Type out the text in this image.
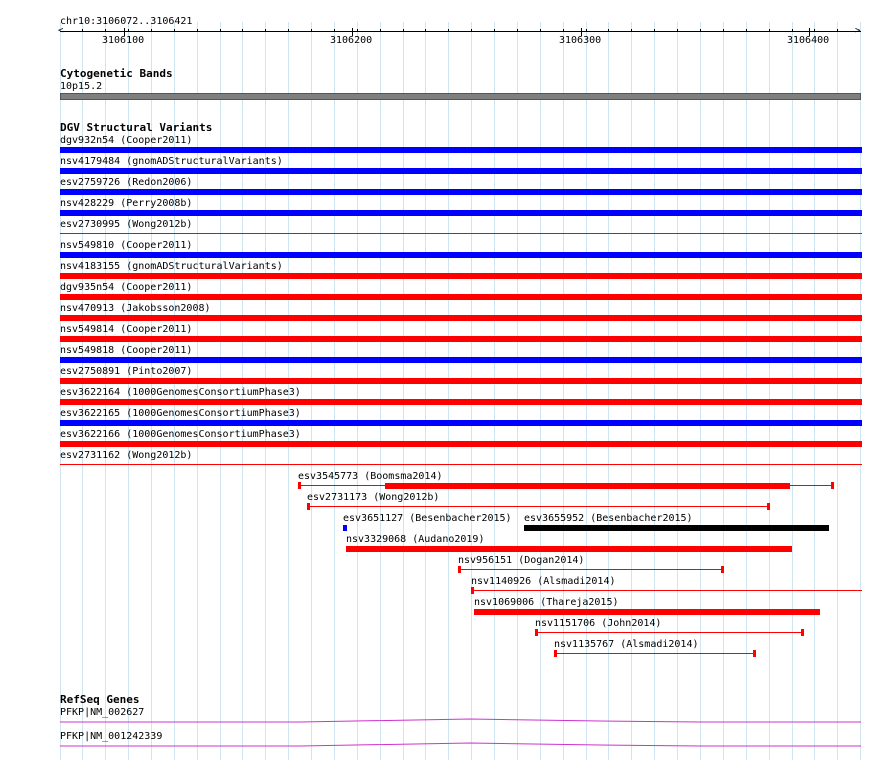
chr10:3106072..3106421
<	>
3106100	3106200	3106300	3106400
Cytogenetic Bands
10p15.2
DGV Structural Variants
dgv932n54 (Cooper2011)
nsv4179484 (gnomADStructuralVariants)
esv2759726 (Redon2006)
nsv428229 (Perry2008b)
esv2730995 (Wong2012b)
nsv549810 (Cooper2011)
nsv4183155 (gnomADStructuralVariants)
dgv935n54 (Cooper2011)
nsv470913 (Jakobsson2008)
nsv549814 (Cooper2011)
nsv549818 (Cooper2011)
esv2750891 (Pinto2007)
esv3622164 (1000GenomesConsortiumPhase3)
esv3622165 (1000GenomesConsortiumPhase3)
esv3622166 (1000GenomesConsortiumPhase3)
esv2731162 (Wong2012b)
esv3545773 (Boomsma2014)
esv2731173 (Wong2012b)
esv3651127 (Besenbacher2015) esv3655952 (Besenbacher2015)
nsv3329068 (Audano2019)
nsv956151 (Dogan2014)
nsv1140926 (Alsmadi2014)
nsv1069006 (Thareja2015)
nsv1151706 (John2014)
nsv1135767 (Alsmadi2014)
RefSeq Genes
PFKP|NM_002627
PFKP|NM_001242339
